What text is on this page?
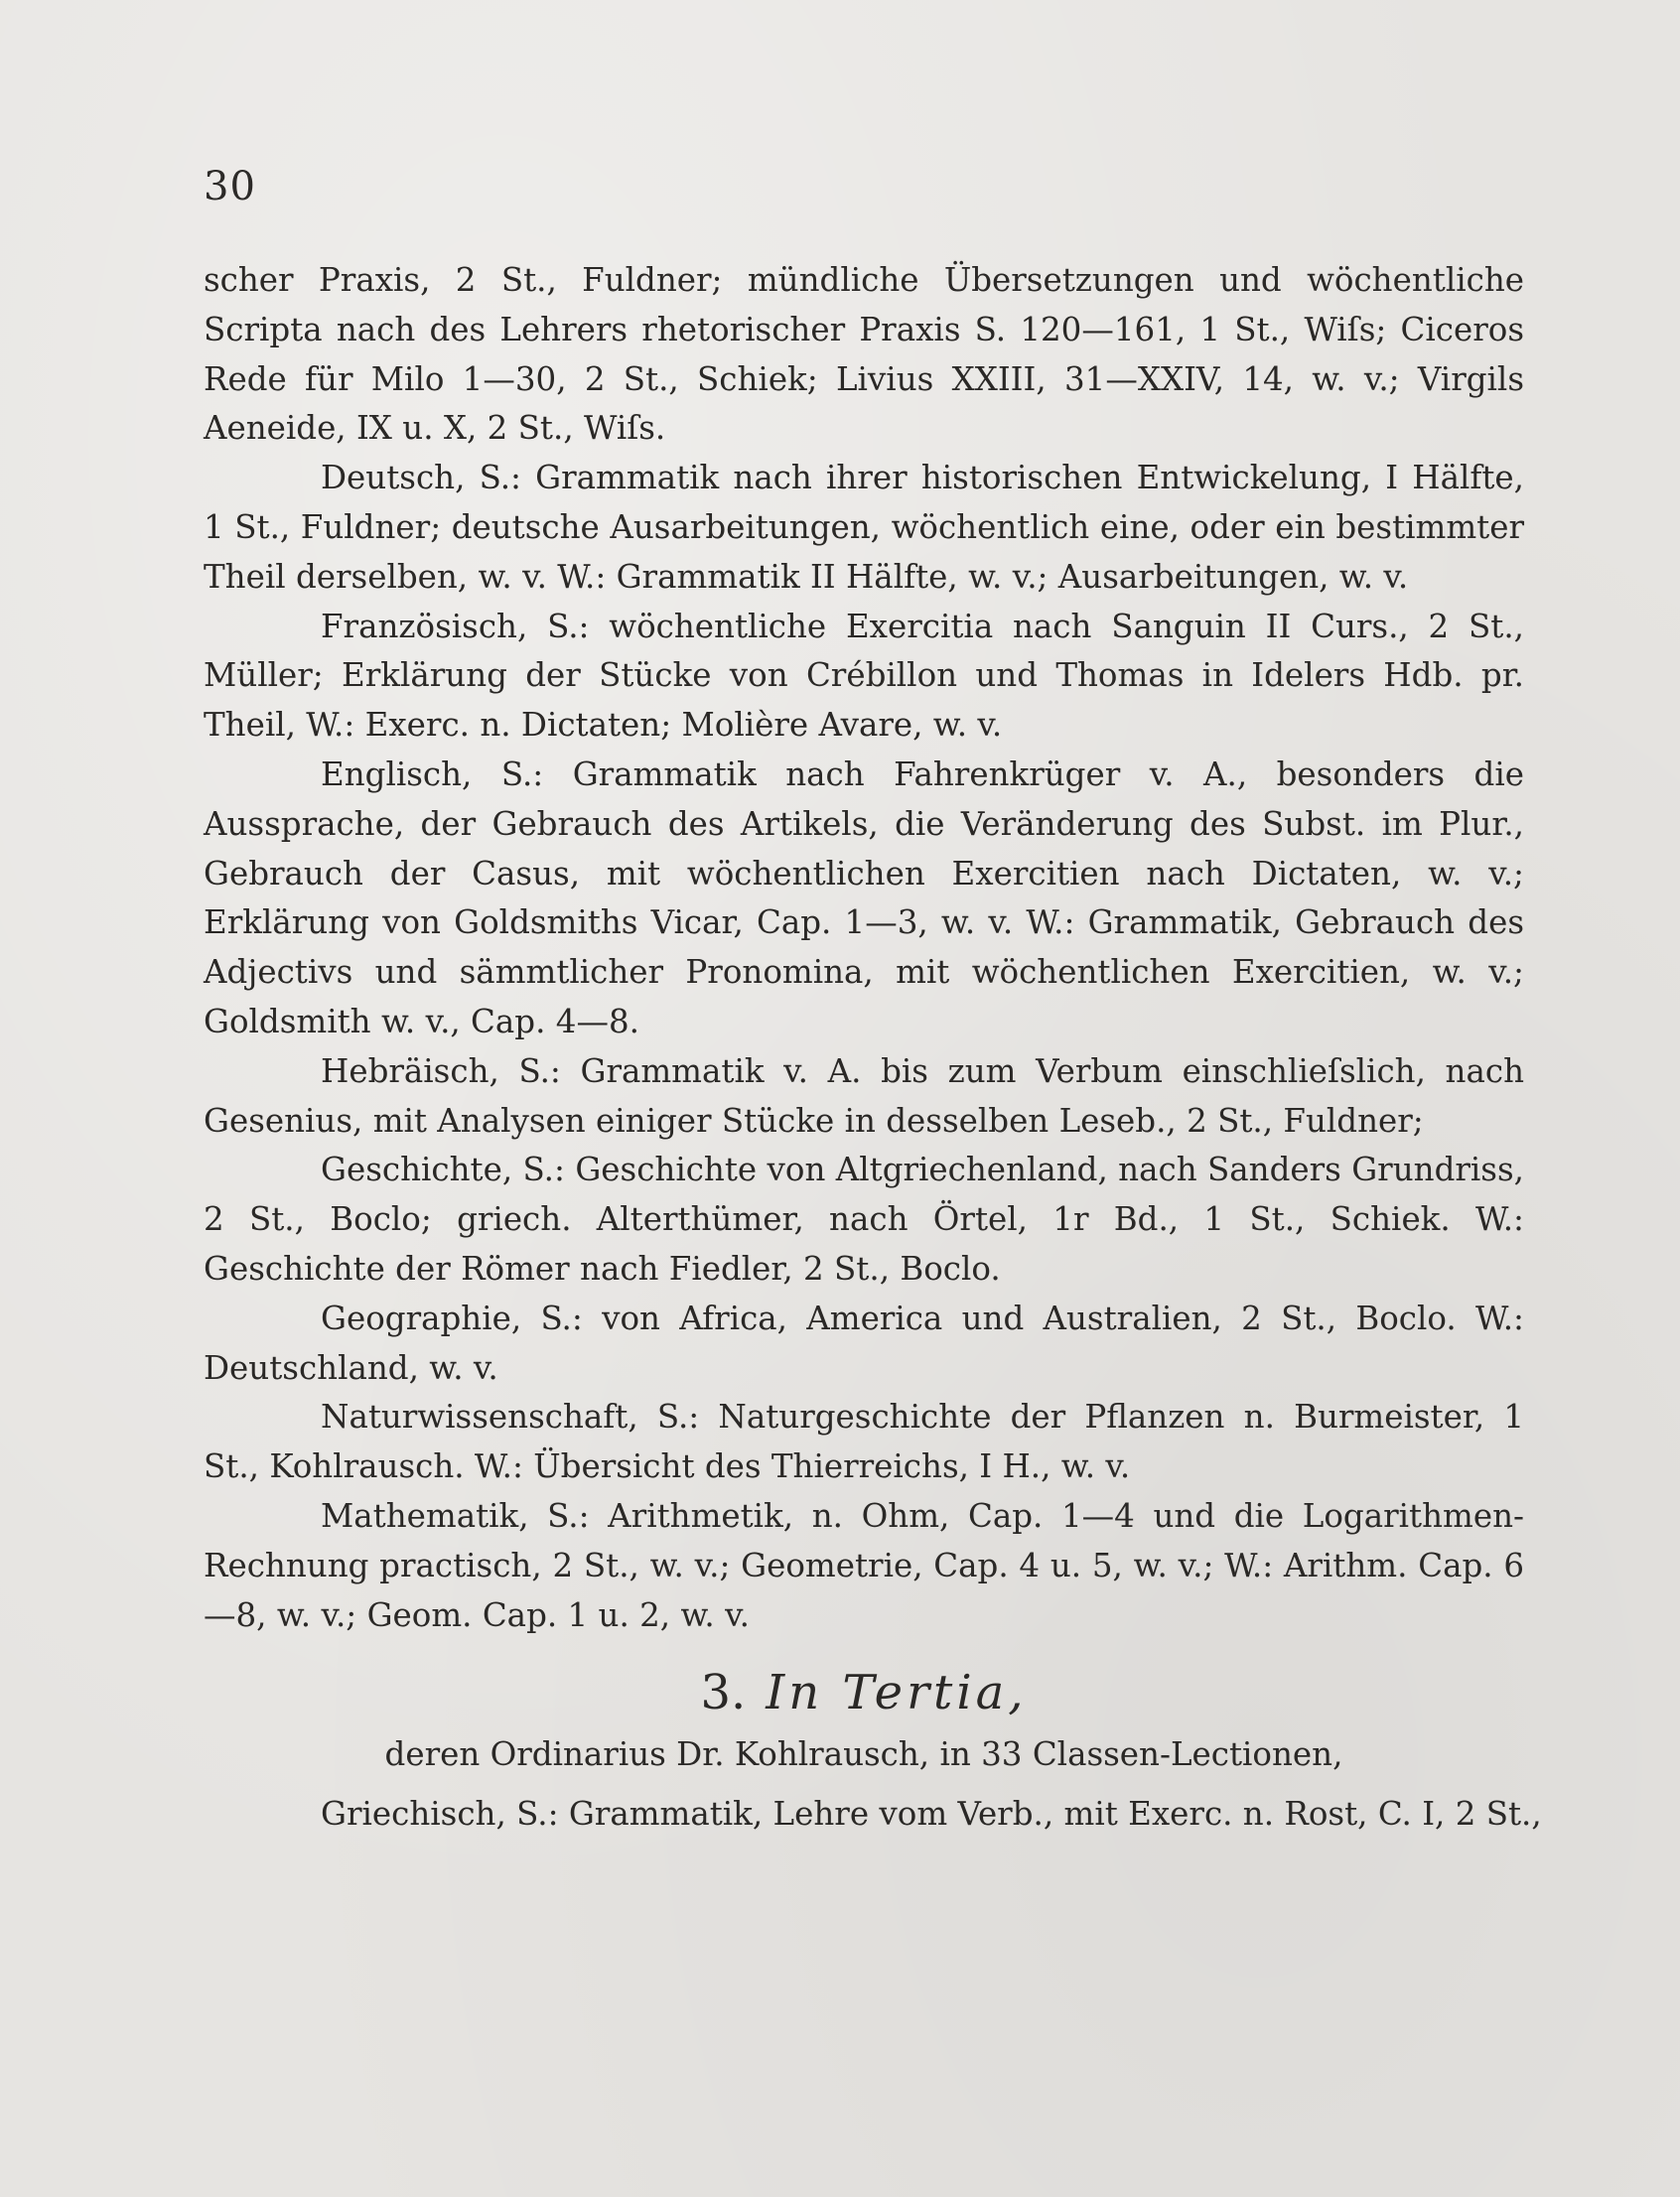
30

scher Praxis, 2 St., Fuldner; mündliche Übersetzungen und wöchentliche Scripta nach des Lehrers rhetorischer Praxis S. 120—161, 1 St., Wiſs; Ciceros Rede für Milo 1—30, 2 St., Schiek; Livius XXIII, 31—XXIV, 14, w. v.; Virgils Aeneide, IX u. X, 2 St., Wiſs.

Deutsch, S.: Grammatik nach ihrer historischen Entwickelung, I Hälfte, 1 St., Fuldner; deutsche Ausarbeitungen, wöchentlich eine, oder ein bestimmter Theil derselben, w. v. W.: Grammatik II Hälfte, w. v.; Ausarbeitungen, w. v.

Französisch, S.: wöchentliche Exercitia nach Sanguin II Curs., 2 St., Müller; Erklärung der Stücke von Crébillon und Thomas in Idelers Hdb. pr. Theil, W.: Exerc. n. Dictaten; Molière Avare, w. v.

Englisch, S.: Grammatik nach Fahrenkrüger v. A., besonders die Aussprache, der Gebrauch des Artikels, die Veränderung des Subst. im Plur., Gebrauch der Casus, mit wöchentlichen Exercitien nach Dictaten, w. v.; Erklärung von Goldsmiths Vicar, Cap. 1—3, w. v. W.: Grammatik, Gebrauch des Adjectivs und sämmtlicher Pronomina, mit wöchentlichen Exercitien, w. v.; Goldsmith w. v., Cap. 4—8.

Hebräisch, S.: Grammatik v. A. bis zum Verbum einschlieſslich, nach Gesenius, mit Analysen einiger Stücke in desselben Leseb., 2 St., Fuldner;

Geschichte, S.: Geschichte von Altgriechenland, nach Sanders Grundriss, 2 St., Boclo; griech. Alterthümer, nach Örtel, 1r Bd., 1 St., Schiek. W.: Geschichte der Römer nach Fiedler, 2 St., Boclo.

Geographie, S.: von Africa, America und Australien, 2 St., Boclo. W.: Deutschland, w. v.

Naturwissenschaft, S.: Naturgeschichte der Pflanzen n. Burmeister, 1 St., Kohlrausch. W.: Übersicht des Thierreichs, I H., w. v.

Mathematik, S.: Arithmetik, n. Ohm, Cap. 1—4 und die Logarithmen-Rechnung practisch, 2 St., w. v.; Geometrie, Cap. 4 u. 5, w. v.; W.: Arithm. Cap. 6—8, w. v.; Geom. Cap. 1 u. 2, w. v.

3. In Tertia,
deren Ordinarius Dr. Kohlrausch, in 33 Classen-Lectionen,
Griechisch, S.: Grammatik, Lehre vom Verb., mit Exerc. n. Rost, C. I, 2 St.,
